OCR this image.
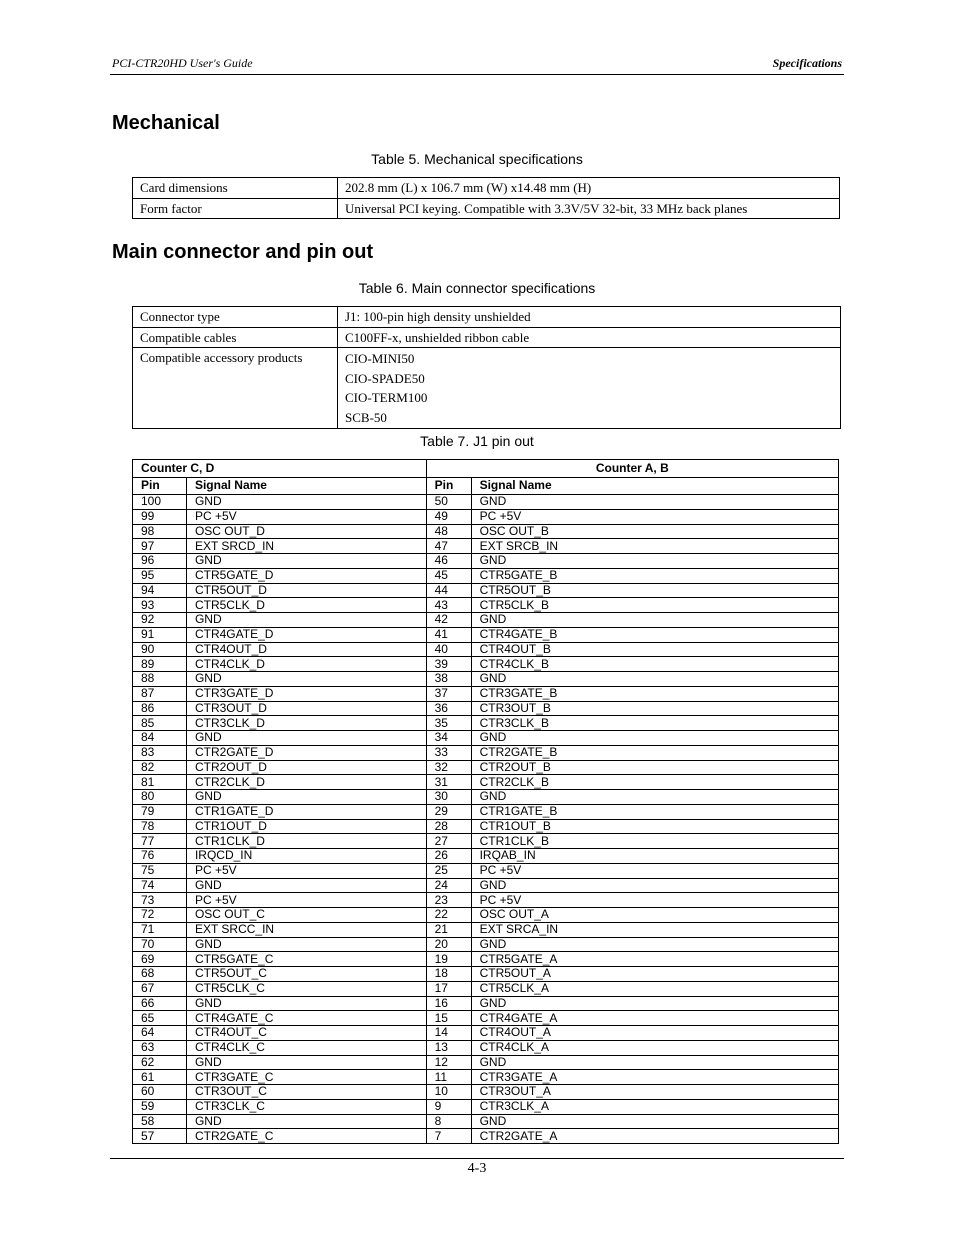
PCI-CTR20HD User's Guide	Specifications
Mechanical
Table 5. Mechanical specifications
Card dimensions	202.8 mm (L) x 106.7 mm (W) x14.48 mm (H)
Form factor	Universal PCI keying. Compatible with 3.3V/5V 32-bit, 33 MHz back planes
Main connector and pin out
Table 6. Main connector specifications
Connector type	J1: 100-pin high density unshielded

Compatible cables	C100FF-x, unshielded ribbon cable

Compatible accessory products	CIO-MINI50
CIO-SPADE50
CIO-TERM100
SCB-50
Table 7. J1 pin out
Counter C, D		Counter A, B	
Pin	Signal Name	Pin	Signal Name
100	GND	50	GND
99	PC +5V	49	PC +5V
98	OSC OUT_D	48	OSC OUT_B
97	EXT SRCD_IN	47	EXT SRCB_IN
96	GND	46	GND
95	CTR5GATE_D	45	CTR5GATE_B
94	CTR5OUT_D	44	CTR5OUT_B
93	CTR5CLK_D	43	CTR5CLK_B
92	GND	42	GND
91	CTR4GATE_D	41	CTR4GATE_B
90	CTR4OUT_D	40	CTR4OUT_B
89	CTR4CLK_D	39	CTR4CLK_B
88	GND	38	GND
87	CTR3GATE_D	37	CTR3GATE_B
86	CTR3OUT_D	36	CTR3OUT_B
85	CTR3CLK_D	35	CTR3CLK_B
84	GND	34	GND
83	CTR2GATE_D	33	CTR2GATE_B
82	CTR2OUT_D	32	CTR2OUT_B
81	CTR2CLK_D	31	CTR2CLK_B
80	GND	30	GND
79	CTR1GATE_D	29	CTR1GATE_B
78	CTR1OUT_D	28	CTR1OUT_B
77	CTR1CLK_D	27	CTR1CLK_B
76	IRQCD_IN	26	IRQAB_IN
75	PC +5V	25	PC +5V
74	GND	24	GND
73	PC +5V	23	PC +5V
72	OSC OUT_C	22	OSC OUT_A
71	EXT SRCC_IN	21	EXT SRCA_IN
70	GND	20	GND
69	CTR5GATE_C	19	CTR5GATE_A
68	CTR5OUT_C	18	CTR5OUT_A
67	CTR5CLK_C	17	CTR5CLK_A
66	GND	16	GND
65	CTR4GATE_C	15	CTR4GATE_A
64	CTR4OUT_C	14	CTR4OUT_A
63	CTR4CLK_C	13	CTR4CLK_A
62	GND	12	GND
61	CTR3GATE_C	11	CTR3GATE_A
60	CTR3OUT_C	10	CTR3OUT_A
59	CTR3CLK_C	9	CTR3CLK_A
58	GND	8	GND
57	CTR2GATE_C	7	CTR2GATE_A
4-3
